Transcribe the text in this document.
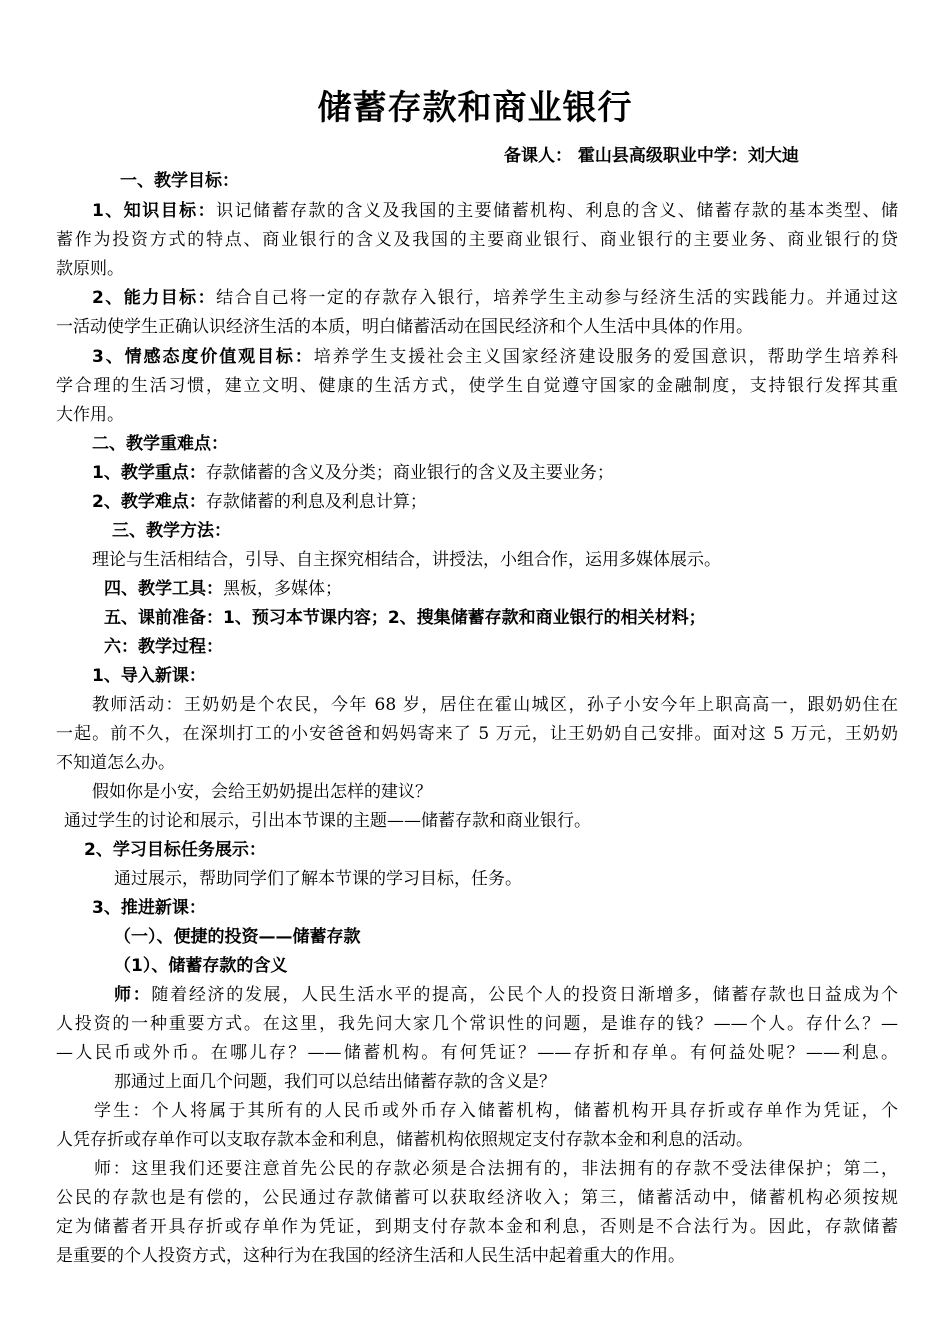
储蓄存款和商业银行
备课人： 霍山县高级职业中学：刘大迪
一、教学目标：
1、知识目标：识记储蓄存款的含义及我国的主要储蓄机构、利息的含义、储蓄存款的基本类型、储
蓄作为投资方式的特点、商业银行的含义及我国的主要商业银行、商业银行的主要业务、商业银行的贷
款原则。
2、能力目标：结合自己将一定的存款存入银行，培养学生主动参与经济生活的实践能力。并通过这
一活动使学生正确认识经济生活的本质，明白储蓄活动在国民经济和个人生活中具体的作用。
3、情感态度价值观目标：培养学生支援社会主义国家经济建设服务的爱国意识，帮助学生培养科
学合理的生活习惯，建立文明、健康的生活方式，使学生自觉遵守国家的金融制度，支持银行发挥其重
大作用。
二、教学重难点：
1、教学重点：存款储蓄的含义及分类；商业银行的含义及主要业务；
2、教学难点：存款储蓄的利息及利息计算；
三、教学方法：
理论与生活相结合，引导、自主探究相结合，讲授法，小组合作，运用多媒体展示。
四、教学工具：黑板，多媒体；
五、课前准备：1、预习本节课内容；2、搜集储蓄存款和商业银行的相关材料；
六：教学过程：
1、导入新课：
教师活动：王奶奶是个农民，今年 68 岁，居住在霍山城区，孙子小安今年上职高高一，跟奶奶住在
一起。前不久，在深圳打工的小安爸爸和妈妈寄来了 5 万元，让王奶奶自己安排。面对这 5 万元，王奶奶
不知道怎么办。
假如你是小安，会给王奶奶提出怎样的建议？
通过学生的讨论和展示，引出本节课的主题——储蓄存款和商业银行。
2、学习目标任务展示：
通过展示，帮助同学们了解本节课的学习目标，任务。
3、推进新课：
（一）、便捷的投资——储蓄存款
（1）、储蓄存款的含义
师：随着经济的发展，人民生活水平的提高，公民个人的投资日渐增多，储蓄存款也日益成为个
人投资的一种重要方式。在这里，我先问大家几个常识性的问题，是谁存的钱？——个人。存什么？—
—人民币或外币。在哪儿存？——储蓄机构。有何凭证？——存折和存单。有何益处呢？——利息。
那通过上面几个问题，我们可以总结出储蓄存款的含义是？
学生：个人将属于其所有的人民币或外币存入储蓄机构，储蓄机构开具存折或存单作为凭证，个
人凭存折或存单作可以支取存款本金和利息，储蓄机构依照规定支付存款本金和利息的活动。
师：这里我们还要注意首先公民的存款必须是合法拥有的，非法拥有的存款不受法律保护；第二，
公民的存款也是有偿的，公民通过存款储蓄可以获取经济收入；第三，储蓄活动中，储蓄机构必须按规
定为储蓄者开具存折或存单作为凭证，到期支付存款本金和利息，否则是不合法行为。因此，存款储蓄
是重要的个人投资方式，这种行为在我国的经济生活和人民生活中起着重大的作用。
